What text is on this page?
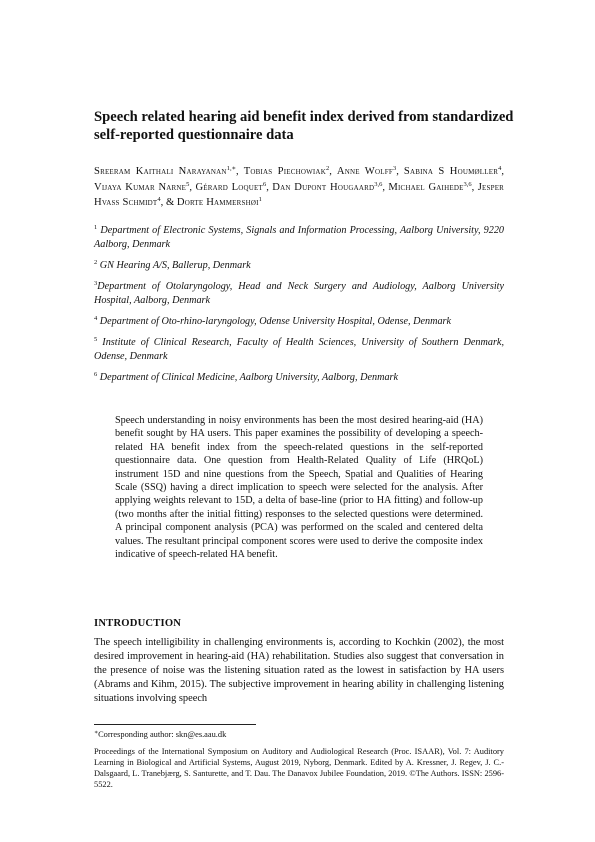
Speech related hearing aid benefit index derived from standardized self-reported questionnaire data
Sreeram Kaithali Narayanan$^{1,∗}$, Tobias Piechowiak$^2$, Anne Wolff$^3$, Sabina S Houmøller$^4$, Vijaya Kumar Narne$^5$, Gérard Loquet$^6$, Dan Dupont Hougaard$^{3,6}$, Michael Gaihede$^{3,6}$, Jesper Hvass Schmidt$^4$, & Dorte Hammershøi$^1$
$^1$ Department of Electronic Systems, Signals and Information Processing, Aalborg University, 9220 Aalborg, Denmark
$^2$ GN Hearing A/S, Ballerup, Denmark
$^3$Department of Otolaryngology, Head and Neck Surgery and Audiology, Aalborg University Hospital, Aalborg, Denmark
$^4$ Department of Oto-rhino-laryngology, Odense University Hospital, Odense, Denmark
$^5$ Institute of Clinical Research, Faculty of Health Sciences, University of Southern Denmark, Odense, Denmark
$^6$ Department of Clinical Medicine, Aalborg University, Aalborg, Denmark
Speech understanding in noisy environments has been the most desired hearing-aid (HA) benefit sought by HA users. This paper examines the possibility of developing a speech-related HA benefit index from the speech-related questions in the self-reported questionnaire data. One question from Health-Related Quality of Life (HRQoL) instrument 15D and nine questions from the Speech, Spatial and Qualities of Hearing Scale (SSQ) having a direct implication to speech were selected for the analysis. After applying weights relevant to 15D, a delta of base-line (prior to HA fitting) and follow-up (two months after the initial fitting) responses to the selected questions were determined. A principal component analysis (PCA) was performed on the scaled and centered delta values. The resultant principal component scores were used to derive the composite index indicative of speech-related HA benefit.
INTRODUCTION
The speech intelligibility in challenging environments is, according to Kochkin (2002), the most desired improvement in hearing-aid (HA) rehabilitation. Studies also suggest that conversation in the presence of noise was the listening situation rated as the lowest in satisfaction by HA users (Abrams and Kihm, 2015). The subjective improvement in hearing ability in challenging listening situations involving speech
∗Corresponding author: skn@es.aau.dk
Proceedings of the International Symposium on Auditory and Audiological Research (Proc. ISAAR), Vol. 7: Auditory Learning in Biological and Artificial Systems, August 2019, Nyborg, Denmark. Edited by A. Kressner, J. Regev, J. C.-Dalsgaard, L. Tranebjærg, S. Santurette, and T. Dau. The Danavox Jubilee Foundation, 2019. ©The Authors. ISSN: 2596-5522.
